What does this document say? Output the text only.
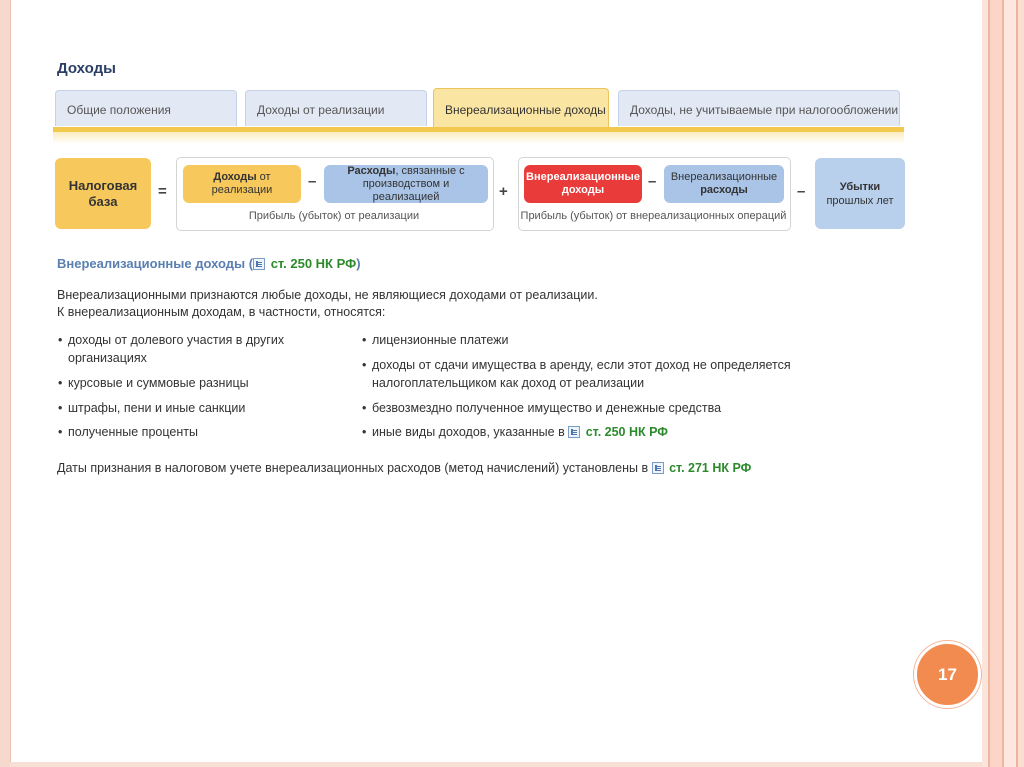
Доходы
Общие положения	Доходы от реализации	Внереализационные доходы	Доходы, не учитываемые при налогообложении
Налоговая база
=
Доходы от реализации	–
Расходы, связанные с производством и реализацией
Прибыль (убыток) от реализации
+
Внереализационные доходы	– Внереализационные
расходы
Прибыль (убыток) от внереализационных операций
–	Убытки
прошлых лет
Внереализационные доходы ( ст. 250 НК РФ)
Внереализационными признаются любые доходы, не являющиеся доходами от реализации.
К внереализационным доходам, в частности, относятся:
• доходы от долевого участия в других организациях
• курсовые и суммовые разницы
• штрафы, пени и иные санкции
• полученные проценты
• лицензионные платежи
• доходы от сдачи имущества в аренду, если этот доход не определяется налогоплательщиком как доход от реализации
• безвозмездно полученное имущество и денежные средства
• иные виды доходов, указанные в ст. 250 НК РФ
Даты признания в налоговом учете внереализационных расходов (метод начислений) установлены в ст. 271 НК РФ
17
